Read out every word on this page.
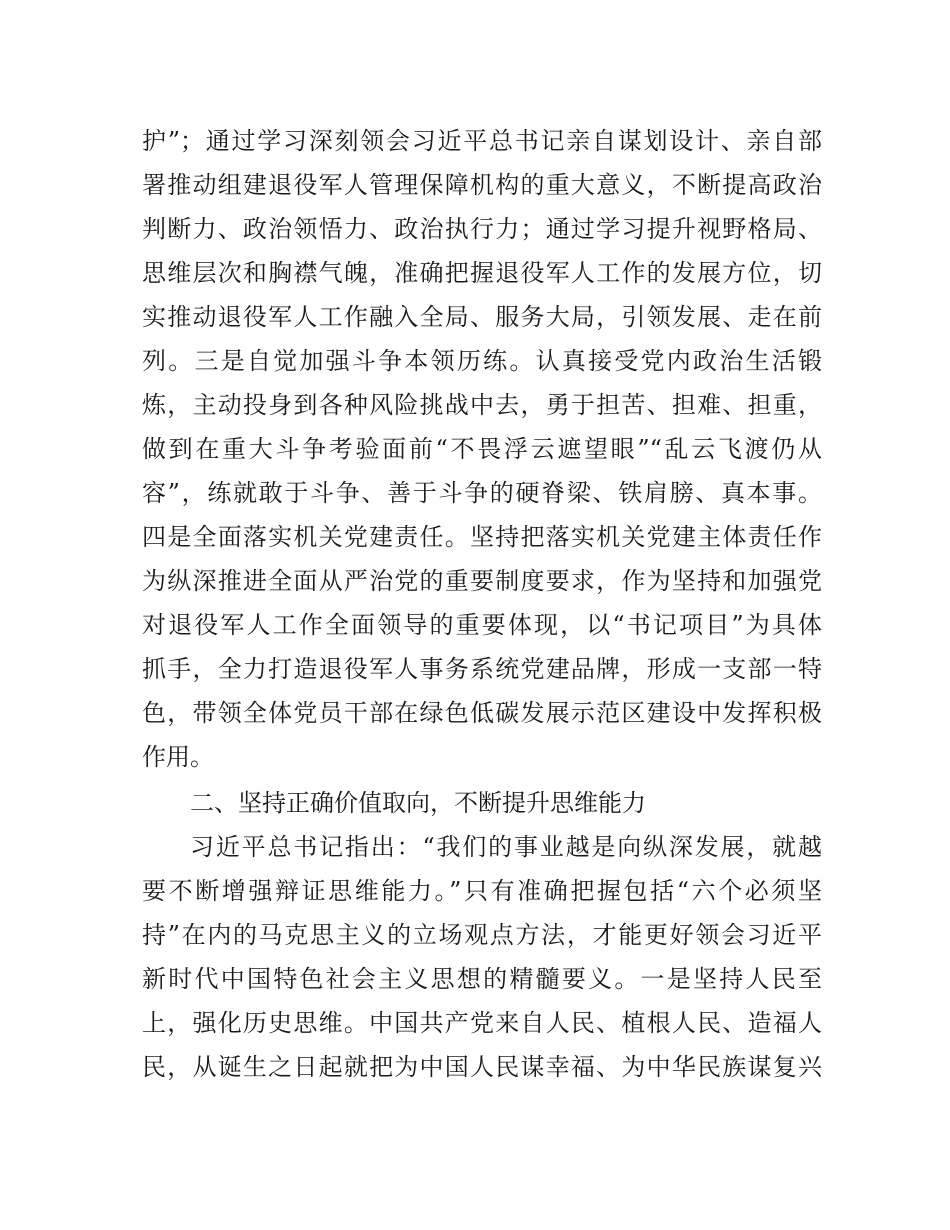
护”；通过学习深刻领会习近平总书记亲自谋划设计、亲自部
署推动组建退役军人管理保障机构的重大意义，不断提高政治
判断力、政治领悟力、政治执行力；通过学习提升视野格局、
思维层次和胸襟气魄，准确把握退役军人工作的发展方位，切
实推动退役军人工作融入全局、服务大局，引领发展、走在前
列。三是自觉加强斗争本领历练。认真接受党内政治生活锻
炼，主动投身到各种风险挑战中去，勇于担苦、担难、担重，
做到在重大斗争考验面前“不畏浮云遮望眼”“乱云飞渡仍从
容”，练就敢于斗争、善于斗争的硬脊梁、铁肩膀、真本事。
四是全面落实机关党建责任。坚持把落实机关党建主体责任作
为纵深推进全面从严治党的重要制度要求，作为坚持和加强党
对退役军人工作全面领导的重要体现，以“书记项目”为具体
抓手，全力打造退役军人事务系统党建品牌，形成一支部一特
色，带领全体党员干部在绿色低碳发展示范区建设中发挥积极
作用。
二、坚持正确价值取向，不断提升思维能力
习近平总书记指出：“我们的事业越是向纵深发展，就越
要不断增强辩证思维能力。”只有准确把握包括“六个必须坚
持”在内的马克思主义的立场观点方法，才能更好领会习近平
新时代中国特色社会主义思想的精髓要义。一是坚持人民至
上，强化历史思维。中国共产党来自人民、植根人民、造福人
民，从诞生之日起就把为中国人民谋幸福、为中华民族谋复兴
